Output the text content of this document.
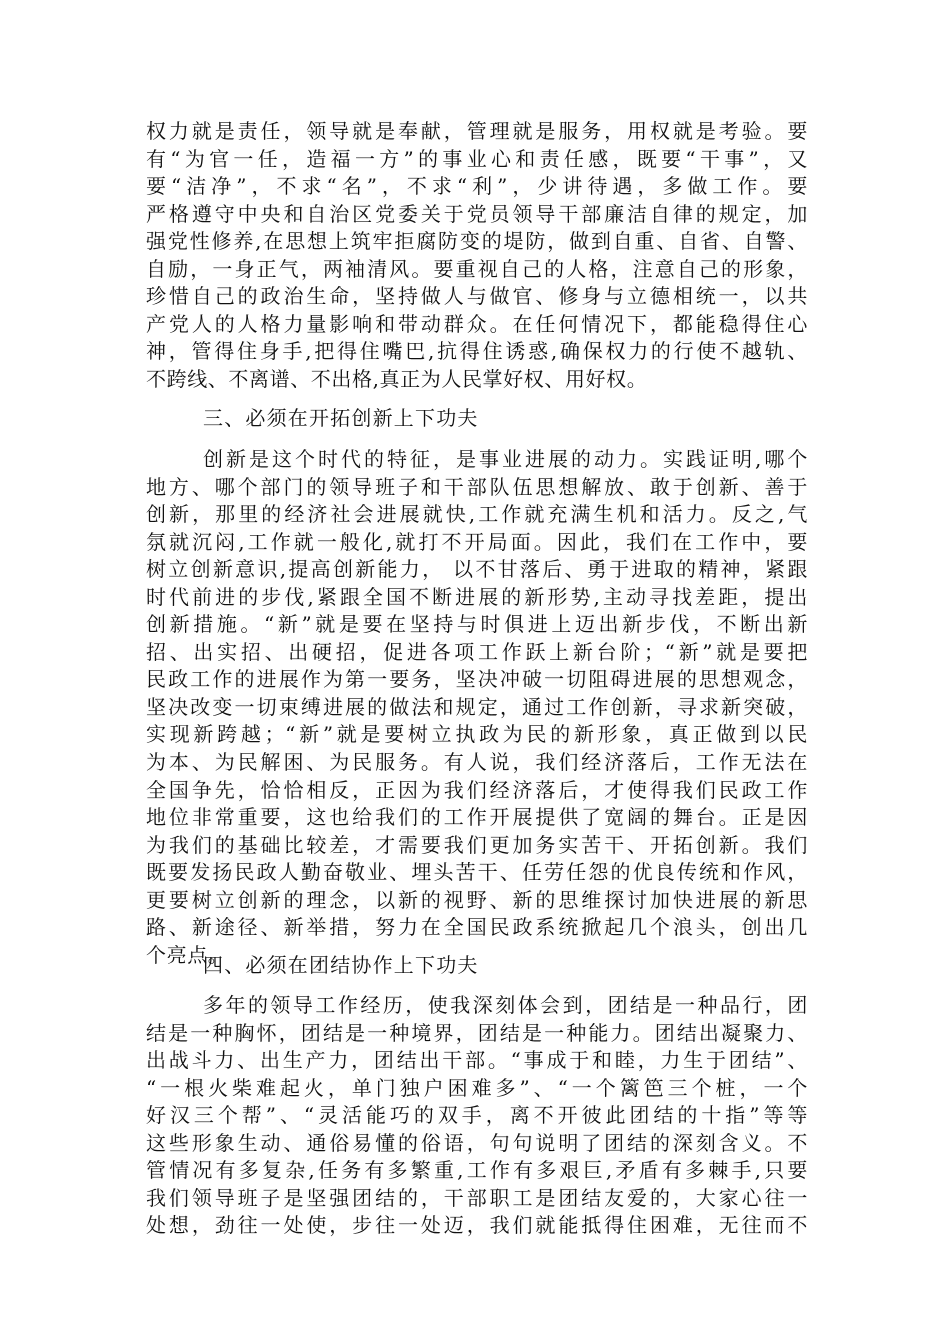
权力就是责任，领导就是奉献，管理就是服务，用权就是考验。要
有“为官一任，造福一方”的事业心和责任感，既要“干事”，又
要“洁净”，不求“名”，不求“利”，少讲待遇，多做工作。要
严格遵守中央和自治区党委关于党员领导干部廉洁自律的规定，加
强党性修养,在思想上筑牢拒腐防变的堤防，做到自重、自省、自警、
自励，一身正气，两袖清风。要重视自己的人格，注意自己的形象，
珍惜自己的政治生命，坚持做人与做官、修身与立德相统一，以共
产党人的人格力量影响和带动群众。在任何情况下，都能稳得住心
神，管得住身手,把得住嘴巴,抗得住诱惑,确保权力的行使不越轨、
不跨线、不离谱、不出格,真正为人民掌好权、用好权。
三、必须在开拓创新上下功夫
创新是这个时代的特征，是事业进展的动力。实践证明,哪个
地方、哪个部门的领导班子和干部队伍思想解放、敢于创新、善于
创新，那里的经济社会进展就快,工作就充满生机和活力。反之,气
氛就沉闷,工作就一般化,就打不开局面。因此，我们在工作中，要
树立创新意识,提高创新能力， 以不甘落后、勇于进取的精神，紧跟
时代前进的步伐,紧跟全国不断进展的新形势,主动寻找差距，提出
创新措施。“新”就是要在坚持与时俱进上迈出新步伐，不断出新
招、出实招、出硬招，促进各项工作跃上新台阶；“新”就是要把
民政工作的进展作为第一要务，坚决冲破一切阻碍进展的思想观念，
坚决改变一切束缚进展的做法和规定，通过工作创新，寻求新突破，
实现新跨越；“新”就是要树立执政为民的新形象，真正做到以民
为本、为民解困、为民服务。有人说，我们经济落后，工作无法在
全国争先，恰恰相反，正因为我们经济落后，才使得我们民政工作
地位非常重要，这也给我们的工作开展提供了宽阔的舞台。正是因
为我们的基础比较差，才需要我们更加务实苦干、开拓创新。我们
既要发扬民政人勤奋敬业、埋头苦干、任劳任怨的优良传统和作风，
更要树立创新的理念，以新的视野、新的思维探讨加快进展的新思
路、新途径、新举措，努力在全国民政系统掀起几个浪头，创出几
个亮点。
四、必须在团结协作上下功夫
多年的领导工作经历，使我深刻体会到，团结是一种品行，团
结是一种胸怀，团结是一种境界，团结是一种能力。团结出凝聚力、
出战斗力、出生产力，团结出干部。“事成于和睦，力生于团结”、
“一根火柴难起火，单门独户困难多”、“一个篱笆三个桩，一个
好汉三个帮”、“灵活能巧的双手，离不开彼此团结的十指”等等
这些形象生动、通俗易懂的俗语，句句说明了团结的深刻含义。不
管情况有多复杂,任务有多繁重,工作有多艰巨,矛盾有多棘手,只要
我们领导班子是坚强团结的，干部职工是团结友爱的，大家心往一
处想，劲往一处使，步往一处迈，我们就能抵得住困难，无往而不
